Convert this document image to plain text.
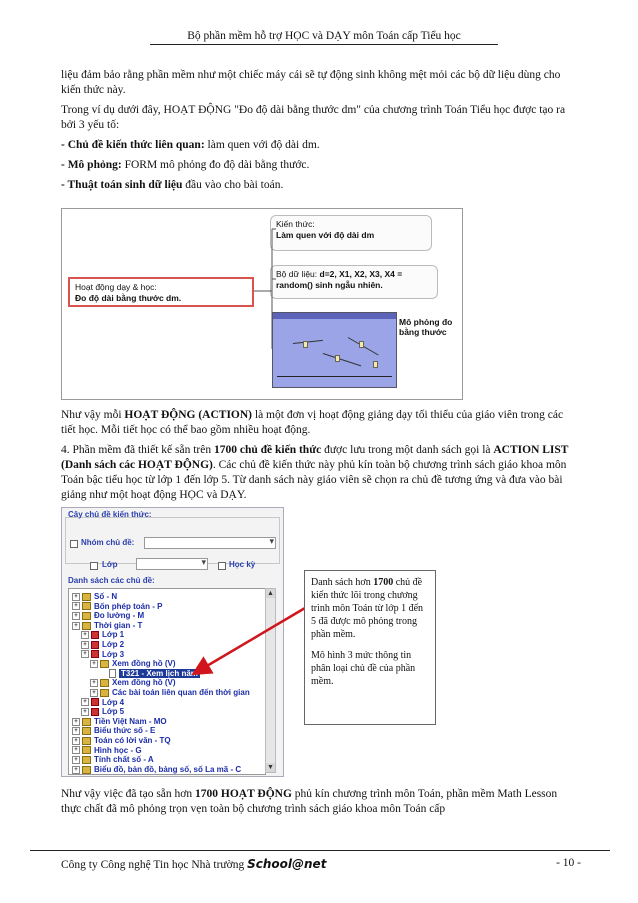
Bộ phần mềm hỗ trợ HỌC và DẠY môn Toán cấp Tiểu học

liệu đảm bảo rằng phần mềm như một chiếc máy cái sẽ tự động sinh không mệt mỏi các bộ dữ liệu dùng cho kiến thức này.

Trong ví dụ dưới đây, HOẠT ĐỘNG "Đo độ dài bằng thước dm" của chương trình Toán Tiểu học được tạo ra bởi 3 yếu tố:

- Chủ đề kiến thức liên quan: làm quen với độ dài dm.

- Mô phỏng: FORM mô phỏng đo độ dài bằng thước.

- Thuật toán sinh dữ liệu đầu vào cho bài toán.

Kiến thức:
Làm quen với độ dài dm
Bộ dữ liệu: d=2, X1, X2, X3, X4 = random() sinh ngẫu nhiên.
Hoạt động dạy & học:
Đo độ dài bằng thước dm.
Mô phỏng đo bằng thước

Như vậy mỗi HOẠT ĐỘNG (ACTION) là một đơn vị hoạt động giảng dạy tối thiểu của giáo viên trong các tiết học. Mỗi tiết học có thể bao gồm nhiều hoạt động.

4. Phần mềm đã thiết kế sẵn trên 1700 chủ đề kiến thức được lưu trong một danh sách gọi là ACTION LIST (Danh sách các HOẠT ĐỘNG). Các chủ đề kiến thức này phủ kín toàn bộ chương trình sách giáo khoa môn Toán bậc tiểu học từ lớp 1 đến lớp 5. Từ danh sách này giáo viên sẽ chọn ra chủ đề tương ứng và đưa vào bài giảng như một hoạt động HỌC và DẠY.

Cây chủ đề kiến thức:
Nhóm chủ đề:
▾
Lớp
▾	Học kỳ
Danh sách các chủ đề:
+ Số - N
+ Bốn phép toán - P
+ Đo lường - M
+ Thời gian - T
+ Lớp 1
+ Lớp 2
+ Lớp 3
+ Xem đồng hồ (V)
T321 - Xem lịch năm
+ Xem đồng hồ (V)
+ Các bài toán liên quan đến thời gian
+ Lớp 4
+ Lớp 5
+ Tiền Việt Nam - MO
+ Biểu thức số - E
+ Toán có lời văn - TQ
+ Hình học - G
+ Tính chất số - A
+ Biểu đồ, bản đồ, bảng số, số La mã - C
▲
▼

Danh sách hơn 1700 chủ đề kiến thức lõi trong chương trình môn Toán từ lớp 1 đến 5 đã được mô phỏng trong phần mềm.

Mô hình 3 mức thông tin phân loại chủ đề của phần mềm.

Như vậy việc đã tạo sẵn hơn 1700 HOẠT ĐỘNG phủ kín chương trình môn Toán, phần mềm Math Lesson thực chất đã mô phỏng trọn vẹn toàn bộ chương trình sách giáo khoa môn Toán cấp

Công ty Công nghệ Tin học Nhà trường School@net	- 10 -
